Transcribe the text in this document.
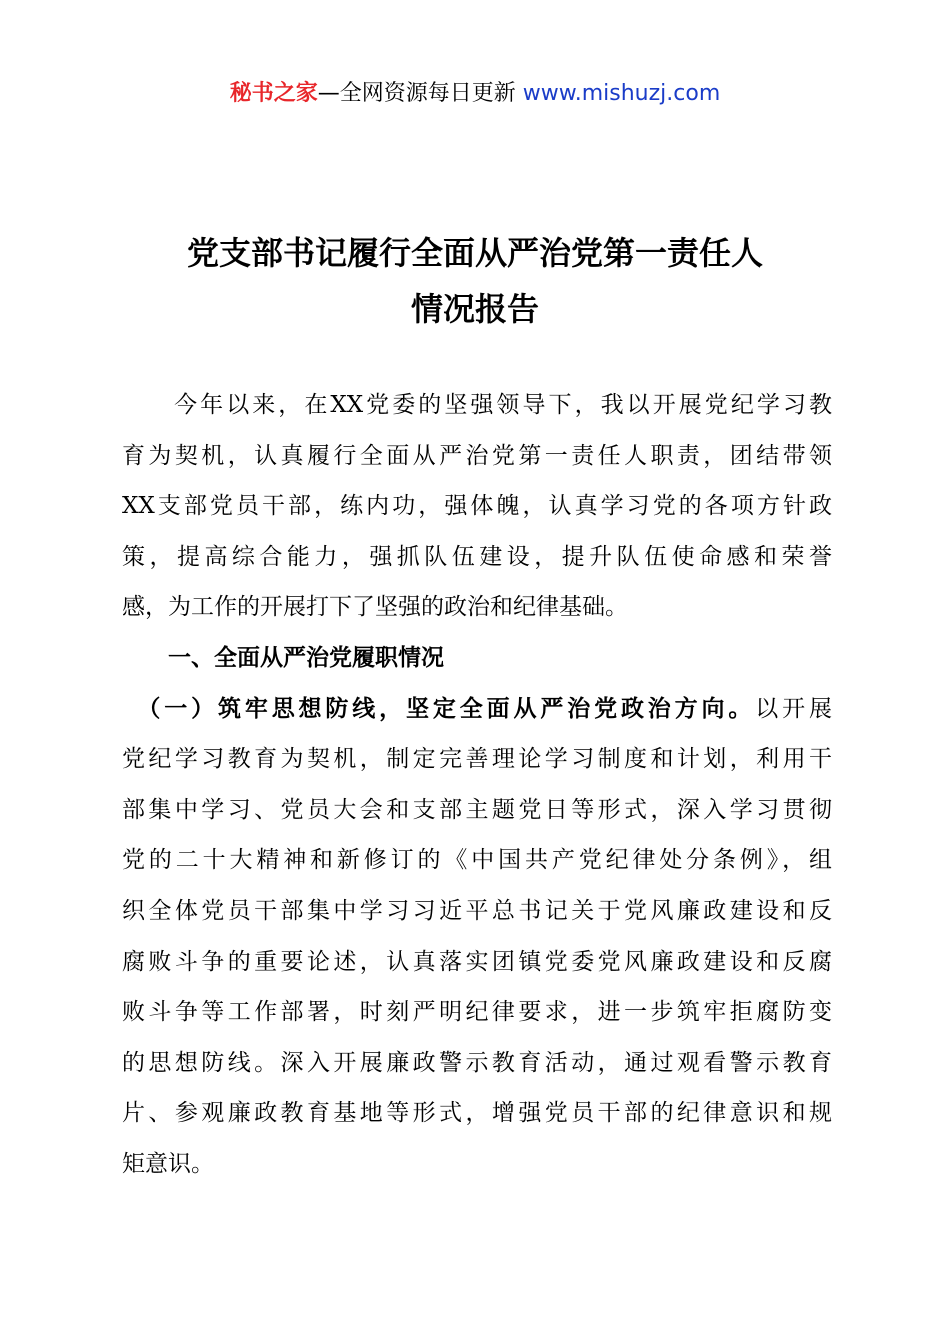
秘书之家—全网资源每日更新 www.mishuzj.com
党支部书记履行全面从严治党第一责任人
情况报告
　　今年以来，在XX党委的坚强领导下，我以开展党纪学习教
育为契机，认真履行全面从严治党第一责任人职责，团结带领
XX支部党员干部，练内功，强体魄，认真学习党的各项方针政
策，提高综合能力，强抓队伍建设，提升队伍使命感和荣誉
感，为工作的开展打下了坚强的政治和纪律基础。
　　一、全面从严治党履职情况
　（一）筑牢思想防线，坚定全面从严治党政治方向。以开展
党纪学习教育为契机，制定完善理论学习制度和计划，利用干
部集中学习、党员大会和支部主题党日等形式，深入学习贯彻
党的二十大精神和新修订的《中国共产党纪律处分条例》，组
织全体党员干部集中学习习近平总书记关于党风廉政建设和反
腐败斗争的重要论述，认真落实团镇党委党风廉政建设和反腐
败斗争等工作部署，时刻严明纪律要求，进一步筑牢拒腐防变
的思想防线。深入开展廉政警示教育活动，通过观看警示教育
片、参观廉政教育基地等形式，增强党员干部的纪律意识和规
矩意识。
